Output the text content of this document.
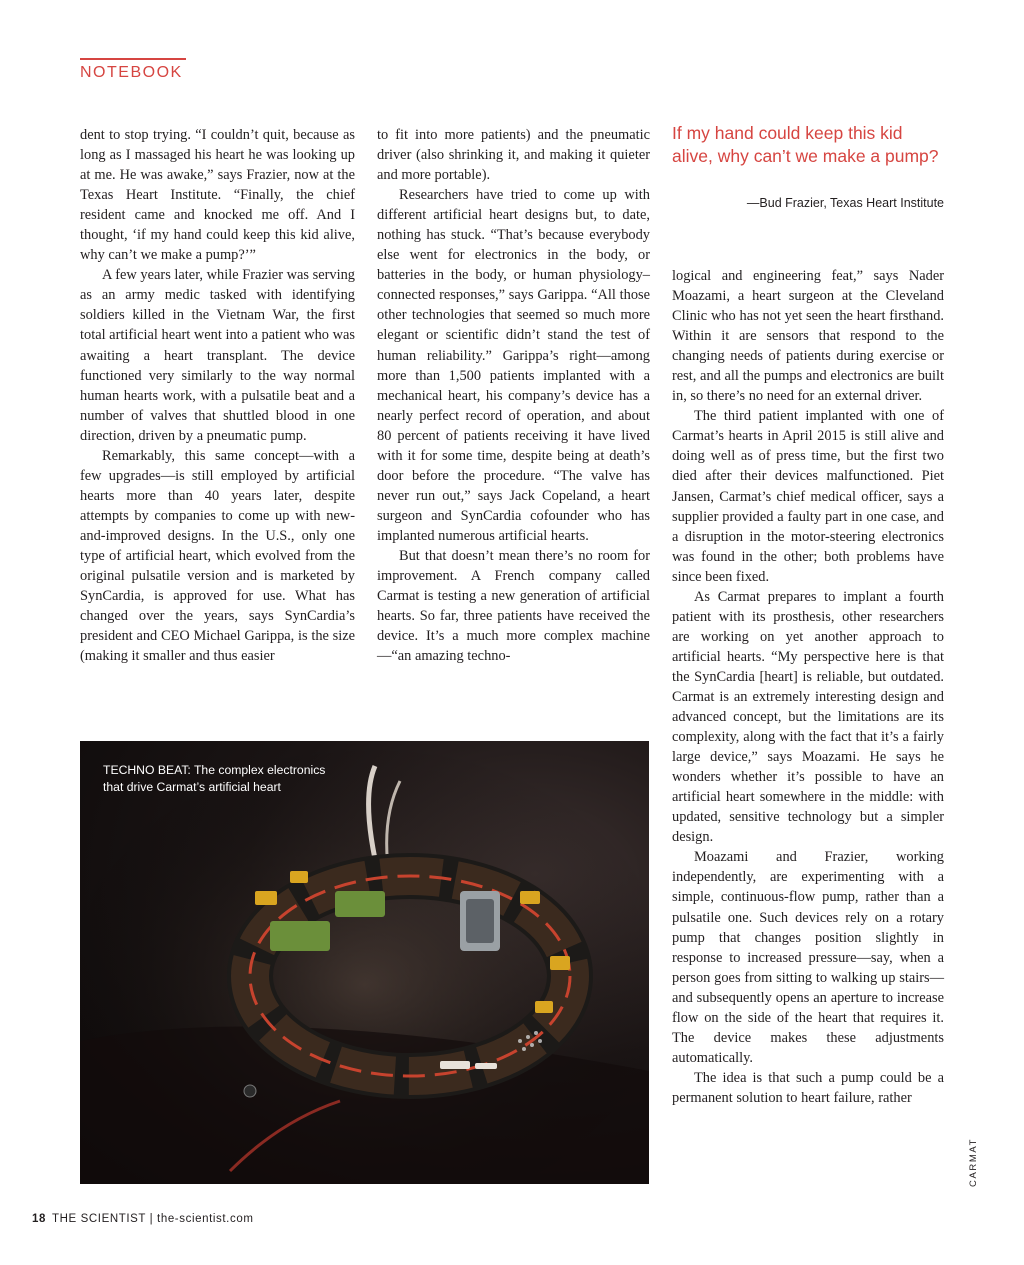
NOTEBOOK

dent to stop trying. “I couldn’t quit, because as long as I massaged his heart he was looking up at me. He was awake,” says Frazier, now at the Texas Heart Institute. “Finally, the chief resident came and knocked me off. And I thought, ‘if my hand could keep this kid alive, why can’t we make a pump?’”

A few years later, while Frazier was serving as an army medic tasked with identifying soldiers killed in the Vietnam War, the first total artificial heart went into a patient who was awaiting a heart transplant. The device functioned very similarly to the way normal human hearts work, with a pulsatile beat and a number of valves that shuttled blood in one direction, driven by a pneumatic pump.

Remarkably, this same concept—with a few upgrades—is still employed by artificial hearts more than 40 years later, despite attempts by companies to come up with new-and-improved designs. In the U.S., only one type of artificial heart, which evolved from the original pulsatile version and is marketed by SynCardia, is approved for use. What has changed over the years, says SynCardia’s president and CEO Michael Garippa, is the size (making it smaller and thus easier

to fit into more patients) and the pneumatic driver (also shrinking it, and making it quieter and more portable).

Researchers have tried to come up with different artificial heart designs but, to date, nothing has stuck. “That’s because everybody else went for electronics in the body, or batteries in the body, or human physiology–connected responses,” says Garippa. “All those other technologies that seemed so much more elegant or scientific didn’t stand the test of human reliability.” Garippa’s right—among more than 1,500 patients implanted with a mechanical heart, his company’s device has a nearly perfect record of operation, and about 80 percent of patients receiving it have lived with it for some time, despite being at death’s door before the procedure. “The valve has never run out,” says Jack Copeland, a heart surgeon and SynCardia cofounder who has implanted numerous artificial hearts.

But that doesn’t mean there’s no room for improvement. A French company called Carmat is testing a new generation of artificial hearts. So far, three patients have received the device. It’s a much more complex machine—“an amazing techno-

If my hand could keep this kid alive, why can’t we make a pump?
—Bud Frazier, Texas Heart Institute

logical and engineering feat,” says Nader Moazami, a heart surgeon at the Cleveland Clinic who has not yet seen the heart firsthand. Within it are sensors that respond to the changing needs of patients during exercise or rest, and all the pumps and electronics are built in, so there’s no need for an external driver.

The third patient implanted with one of Carmat’s hearts in April 2015 is still alive and doing well as of press time, but the first two died after their devices malfunctioned. Piet Jansen, Carmat’s chief medical officer, says a supplier provided a faulty part in one case, and a disruption in the motor-steering electronics was found in the other; both problems have since been fixed.

As Carmat prepares to implant a fourth patient with its prosthesis, other researchers are working on yet another approach to artificial hearts. “My perspective here is that the SynCardia [heart] is reliable, but outdated. Carmat is an extremely interesting design and advanced concept, but the limitations are its complexity, along with the fact that it’s a fairly large device,” says Moazami. He says he wonders whether it’s possible to have an artificial heart somewhere in the middle: with updated, sensitive technology but a simpler design.

Moazami and Frazier, working independently, are experimenting with a simple, continuous-flow pump, rather than a pulsatile one. Such devices rely on a rotary pump that changes position slightly in response to increased pressure—say, when a person goes from sitting to walking up stairs—and subsequently opens an aperture to increase flow on the side of the heart that requires it. The device makes these adjustments automatically.

The idea is that such a pump could be a permanent solution to heart failure, rather

TECHNO BEAT: The complex electronics that drive Carmat’s artificial heart
CARMAT
18 THE SCIENTIST | the-scientist.com
